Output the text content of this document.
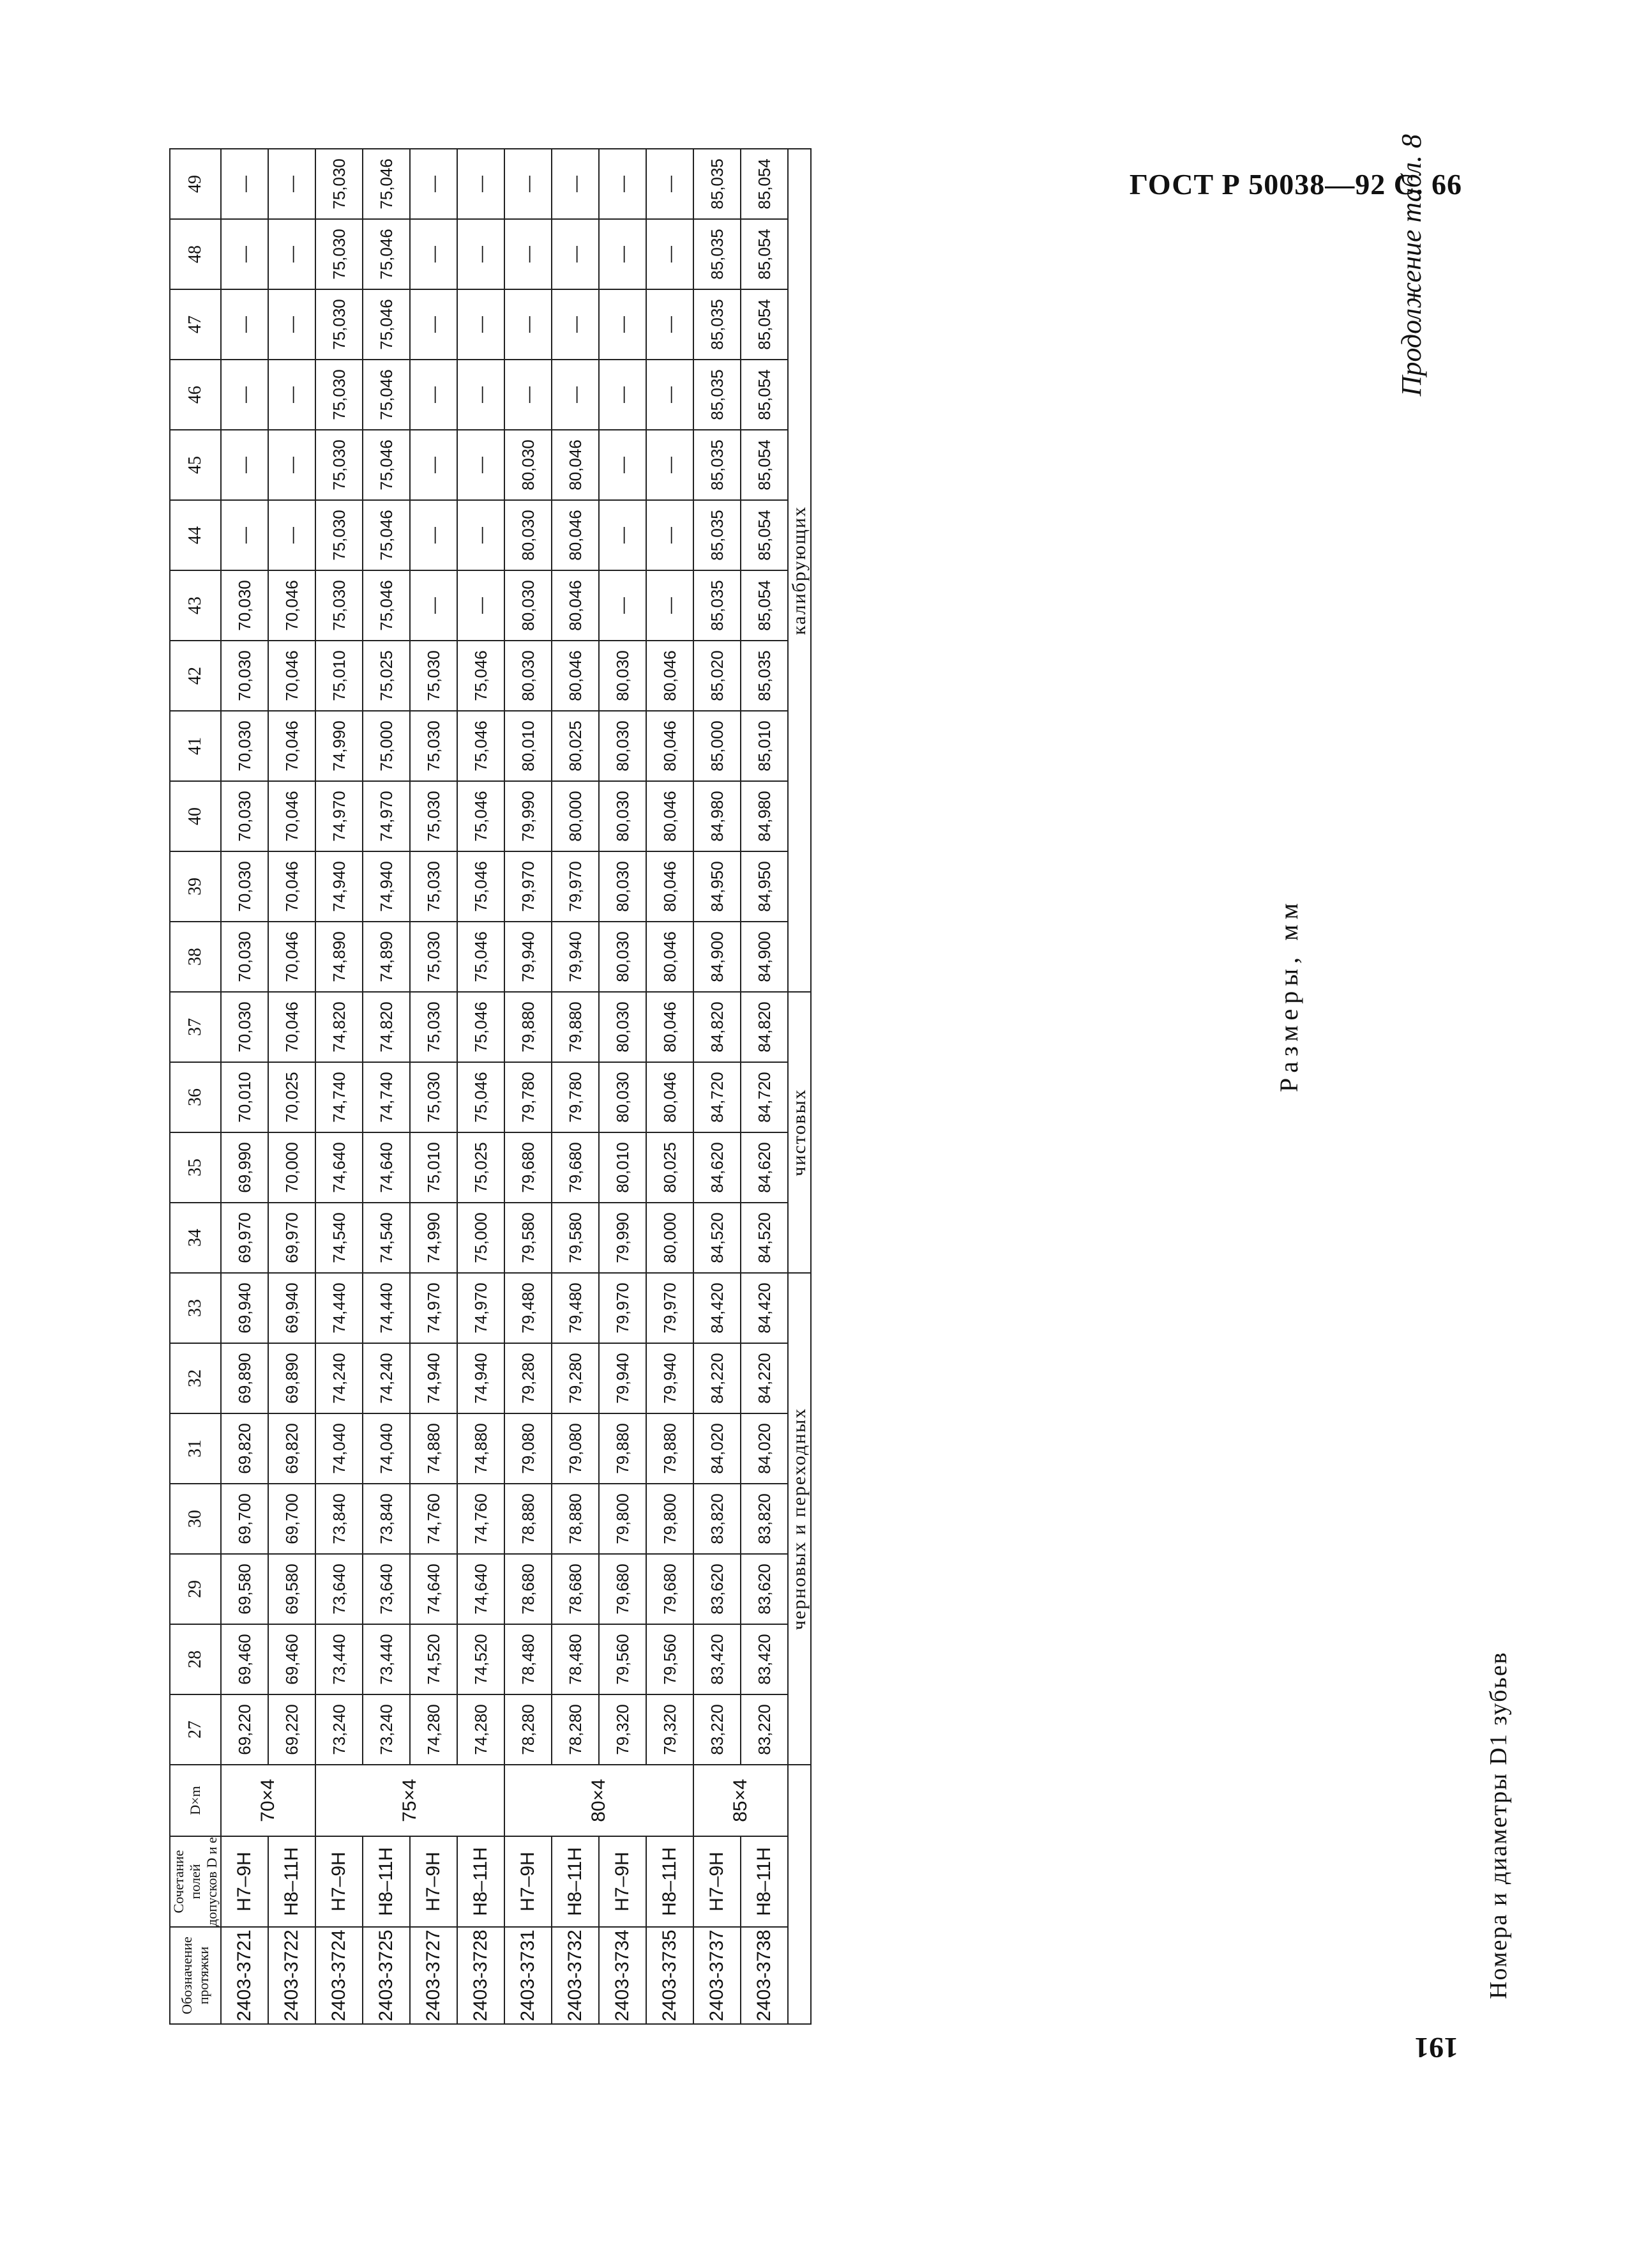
ГОСТ Р 50038—92 С. 66
191
Продолжение табл. 8
Размеры, мм
Номера и диаметры D1 зубьев
Обозначение протяжки	Сочетание полей допусков D и e	D×m	27	28	29	30	31	32	33	34	35	36	37	38	39	40	41	42	43	44	45	46	47	48	49
2403-3721	H7–9H	70×4	69,220	69,460	69,580	69,700	69,820	69,890	69,940	69,970	69,990	70,010	70,030	70,030	70,030	70,030	70,030	70,030	70,030	—	—	—	—	—	—
2403-3722	H8–11H		69,220	69,460	69,580	69,700	69,820	69,890	69,940	69,970	70,000	70,025	70,046	70,046	70,046	70,046	70,046	70,046	70,046	—	—	—	—	—	—
2403-3724	H7–9H	75×4	73,240	73,440	73,640	73,840	74,040	74,240	74,440	74,540	74,640	74,740	74,820	74,890	74,940	74,970	74,990	75,010	75,030	75,030	75,030	75,030	75,030	75,030	75,030
2403-3725	H8–11H		73,240	73,440	73,640	73,840	74,040	74,240	74,440	74,540	74,640	74,740	74,820	74,890	74,940	74,970	75,000	75,025	75,046	75,046	75,046	75,046	75,046	75,046	75,046
2403-3727	H7–9H		74,280	74,520	74,640	74,760	74,880	74,940	74,970	74,990	75,010	75,030	75,030	75,030	75,030	75,030	75,030	75,030	—	—	—	—	—	—	—
2403-3728	H8–11H		74,280	74,520	74,640	74,760	74,880	74,940	74,970	75,000	75,025	75,046	75,046	75,046	75,046	75,046	75,046	75,046	—	—	—	—	—	—	—
2403-3731	H7–9H	80×4	78,280	78,480	78,680	78,880	79,080	79,280	79,480	79,580	79,680	79,780	79,880	79,940	79,970	79,990	80,010	80,030	80,030	80,030	80,030	—	—	—	—
2403-3732	H8–11H		78,280	78,480	78,680	78,880	79,080	79,280	79,480	79,580	79,680	79,780	79,880	79,940	79,970	80,000	80,025	80,046	80,046	80,046	80,046	—	—	—	—
2403-3734	H7–9H		79,320	79,560	79,680	79,800	79,880	79,940	79,970	79,990	80,010	80,030	80,030	80,030	80,030	80,030	80,030	80,030	—	—	—	—	—	—	—
2403-3735	H8–11H		79,320	79,560	79,680	79,800	79,880	79,940	79,970	80,000	80,025	80,046	80,046	80,046	80,046	80,046	80,046	80,046	—	—	—	—	—	—	—
2403-3737	H7–9H	85×4	83,220	83,420	83,620	83,820	84,020	84,220	84,420	84,520	84,620	84,720	84,820	84,900	84,950	84,980	85,000	85,020	85,035	85,035	85,035	85,035	85,035	85,035	85,035
2403-3738	H8–11H		83,220	83,420	83,620	83,820	84,020	84,220	84,420	84,520	84,620	84,720	84,820	84,900	84,950	84,980	85,010	85,035	85,054	85,054	85,054	85,054	85,054	85,054	85,054
			черновых и переходных							чистовых				калибрующих											
